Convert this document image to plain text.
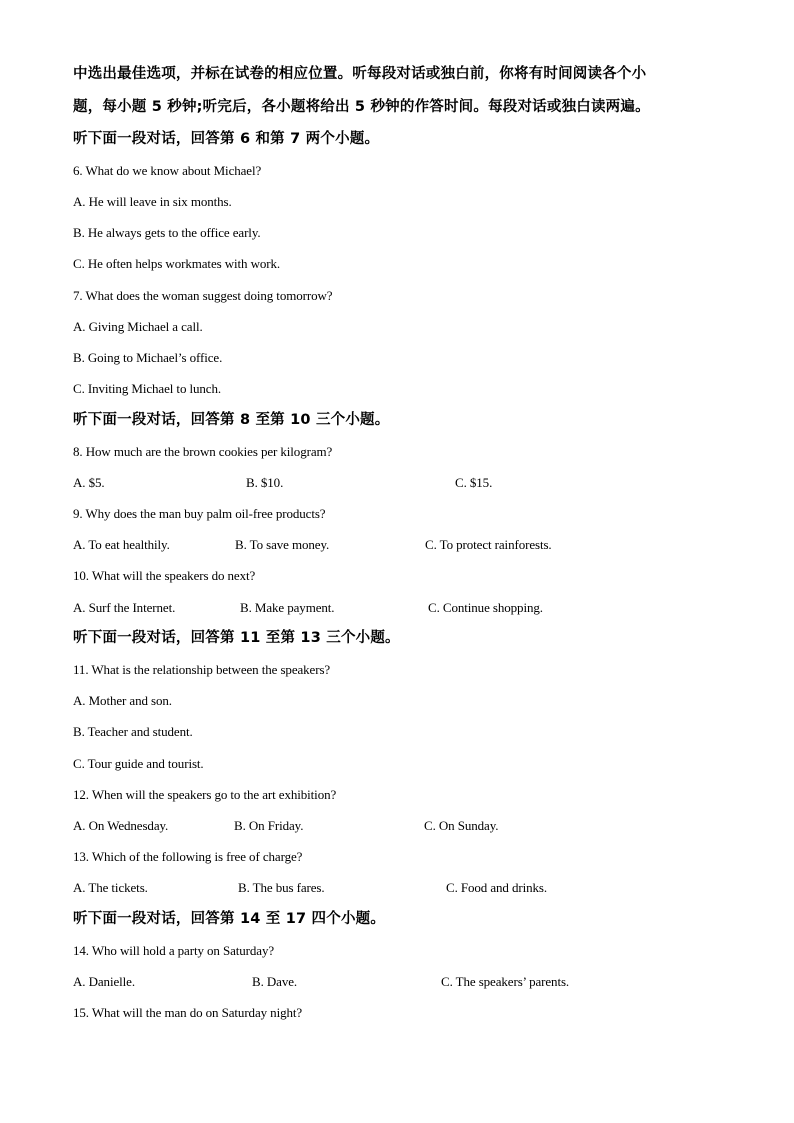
中选出最佳选项，并标在试卷的相应位置。听每段对话或独白前，你将有时间阅读各个小
题，每小题 5 秒钟;听完后，各小题将给出 5 秒钟的作答时间。每段对话或独白读两遍。
听下面一段对话，回答第 6 和第 7 两个小题。
6. What do we know about Michael?
A. He will leave in six months.
B. He always gets to the office early.
C. He often helps workmates with work.
7. What does the woman suggest doing tomorrow?
A. Giving Michael a call.
B. Going to Michael’s office.
C. Inviting Michael to lunch.
听下面一段对话，回答第 8 至第 10 三个小题。
8. How much are the brown cookies per kilogram?
A. $5.	B. $10.	C. $15.
9. Why does the man buy palm oil-free products?
A. To eat healthily.	B. To save money.	C. To protect rainforests.
10. What will the speakers do next?
A. Surf the Internet.	B. Make payment.	C. Continue shopping.
听下面一段对话，回答第 11 至第 13 三个小题。
11. What is the relationship between the speakers?
A. Mother and son.
B. Teacher and student.
C. Tour guide and tourist.
12. When will the speakers go to the art exhibition?
A. On Wednesday.	B. On Friday.	C. On Sunday.
13. Which of the following is free of charge?
A. The tickets.	B. The bus fares.	C. Food and drinks.
听下面一段对话，回答第 14 至 17 四个小题。
14. Who will hold a party on Saturday?
A. Danielle.	B. Dave.	C. The speakers’ parents.
15. What will the man do on Saturday night?
